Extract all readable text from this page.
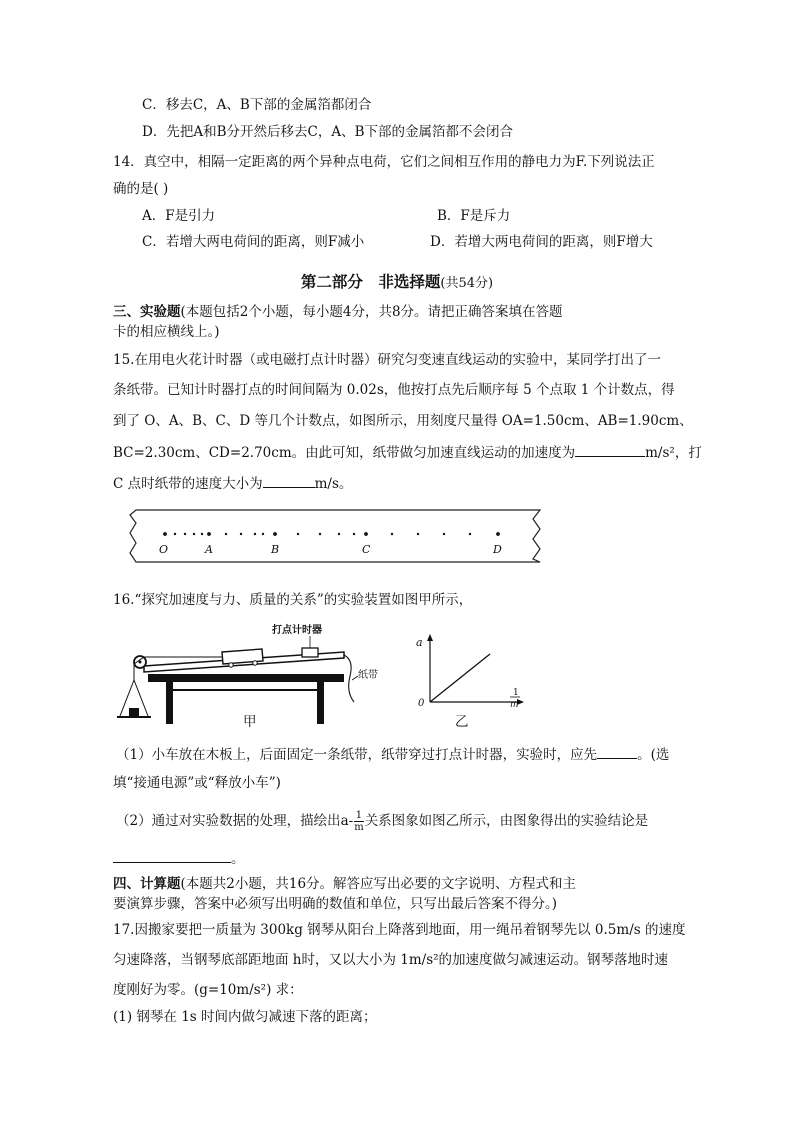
C．移去C，A、B下部的金属箔都闭合
D．先把A和B分开然后移去C，A、B下部的金属箔都不会闭合
14．真空中，相隔一定距离的两个异种点电荷，它们之间相互作用的静电力为F.下列说法正
确的是( )
A．F是引力	B．F是斥力
C．若增大两电荷间的距离，则F减小	D．若增大两电荷间的距离，则F增大
第二部分　非选择题(共54分)
三、实验题(本题包括2个小题，每小题4分，共8分。请把正确答案填在答题
卡的相应横线上。)
15.在用电火花计时器（或电磁打点计时器）研究匀变速直线运动的实验中，某同学打出了一
条纸带。已知计时器打点的时间间隔为 0.02s，他按打点先后顺序每 5 个点取 1 个计数点，得
到了 O、A、B、C、D 等几个计数点，如图所示，用刻度尺量得 OA=1.50cm、AB=1.90cm、
BC=2.30cm、CD=2.70cm。由此可知，纸带做匀加速直线运动的加速度为	m/s²，打
C 点时纸带的速度大小为	m/s。
O	A	B	C	D
16.“探究加速度与力、质量的关系”的实验装置如图甲所示，
打点计时器
纸带
甲
a
0
1
m
乙
（1）小车放在木板上，后面固定一条纸带，纸带穿过打点计时器，实验时，应先	。(选
填“接通电源”或“释放小车”)
（2）通过对实验数据的处理，描绘出$a- \frac{1}{m}$ 关系图象如图乙所示，由图象得出的实验结论是
。
四、计算题(本题共2小题，共16分。解答应写出必要的文字说明、方程式和主
要演算步骤，答案中必须写出明确的数值和单位，只写出最后答案不得分。)
17.因搬家要把一质量为 300kg 钢琴从阳台上降落到地面，用一绳吊着钢琴先以 0.5m/s 的速度
匀速降落，当钢琴底部距地面 h时，又以大小为 1m/s²的加速度做匀减速运动。钢琴落地时速
度刚好为零。(g=10m/s²) 求：
(1) 钢琴在 1s 时间内做匀减速下落的距离；
